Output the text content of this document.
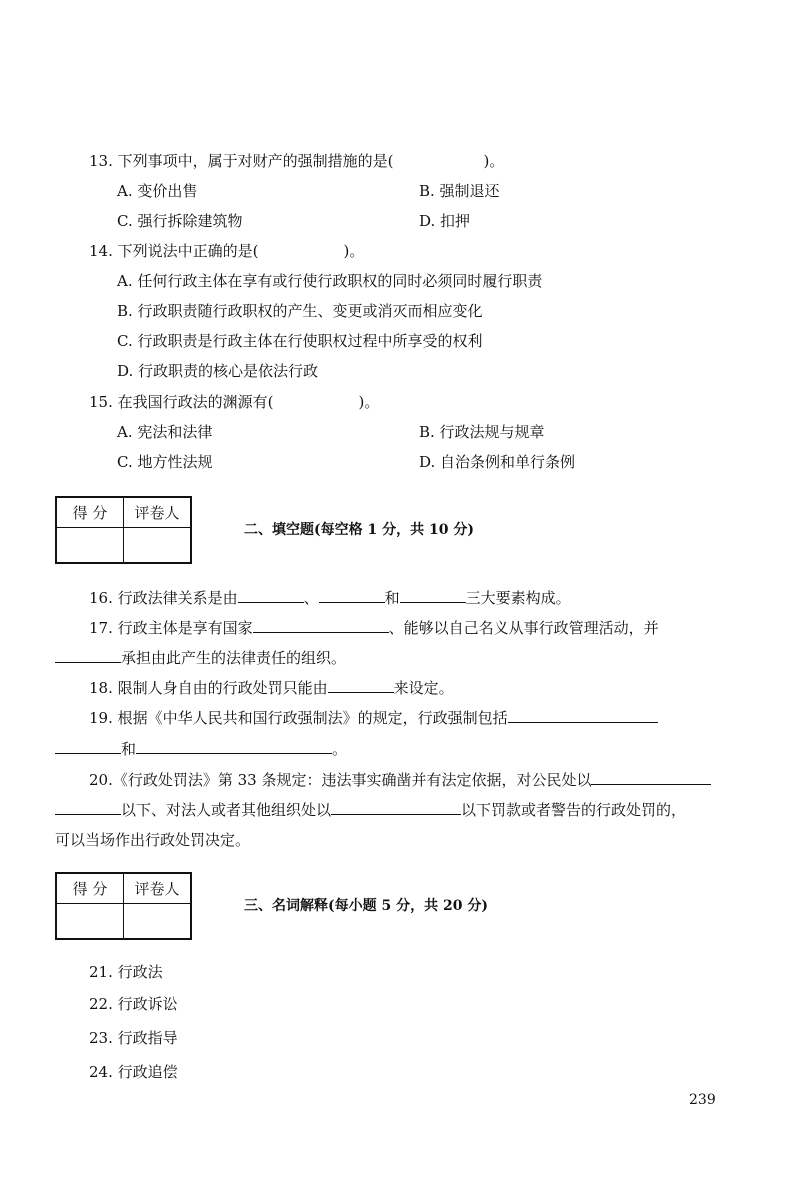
13. 下列事项中，属于对财产的强制措施的是(	)。
A. 变价出售	B. 强制退还
C. 强行拆除建筑物	D. 扣押
14. 下列说法中正确的是(	)。
A. 任何行政主体在享有或行使行政职权的同时必须同时履行职责
B. 行政职责随行政职权的产生、变更或消灭而相应变化
C. 行政职责是行政主体在行使职权过程中所享受的权利
D. 行政职责的核心是依法行政
15. 在我国行政法的渊源有(	)。
A. 宪法和法律	B. 行政法规与规章
C. 地方性法规	D. 自治条例和单行条例
得 分	评卷人

二、填空题(每空格 1 分，共 10 分)
16. 行政法律关系是由	、	和	三大要素构成。
17. 行政主体是享有国家	、能够以自己名义从事行政管理活动，并
承担由此产生的法律责任的组织。
18. 限制人身自由的行政处罚只能由	来设定。
19. 根据《中华人民共和国行政强制法》的规定，行政强制包括
和	。
20.《行政处罚法》第 33 条规定：违法事实确凿并有法定依据，对公民处以
以下、对法人或者其他组织处以	以下罚款或者警告的行政处罚的，
可以当场作出行政处罚决定。
得 分	评卷人

三、名词解释(每小题 5 分，共 20 分)
21. 行政法
22. 行政诉讼
23. 行政指导
24. 行政追偿
239
